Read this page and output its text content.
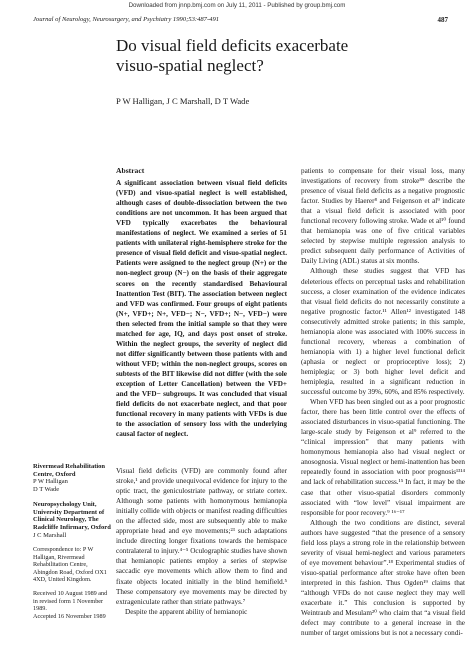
Downloaded from jnnp.bmj.com on July 11, 2011 - Published by group.bmj.com
Journal of Neurology, Neurosurgery, and Psychiatry 1990;53:487-491	487
Do visual field deficits exacerbate
visuo-spatial neglect?
P W Halligan, J C Marshall, D T Wade
Abstract

A significant association between visual field deficits (VFD) and visuo-spatial neglect is well established, although cases of double-dissociation between the two conditions are not uncommon. It has been argued that VFD typically exacerbates the behavioural manifestations of neglect. We examined a series of 51 patients with unilateral right-hemisphere stroke for the presence of visual field deficit and visuo-spatial neglect. Patients were assigned to the neglect group (N+) or the non-neglect group (N−) on the basis of their aggregate scores on the recently standardised Behavioural Inattention Test (BIT). The association between neglect and VFD was confirmed. Four groups of eight patients (N+, VFD+; N+, VFD−; N−, VFD+; N−, VFD−) were then selected from the initial sample so that they were matched for age, IQ, and days post onset of stroke. Within the neglect groups, the severity of neglect did not differ significantly between those patients with and without VFD; within the non-neglect groups, scores on subtests of the BIT likewise did not differ (with the sole exception of Letter Cancellation) between the VFD+ and the VFD− subgroups. It was concluded that visual field deficits do not exacerbate neglect, and that poor functional recovery in many patients with VFDs is due to the association of sensory loss with the underlying causal factor of neglect.

Visual field deficits (VFD) are commonly found after stroke,¹ and provide unequivocal evidence for injury to the optic tract, the geniculostriate pathway, or striate cortex. Although some patients with homonymous hemianopia initially collide with objects or manifest reading difficulties on the affected side, most are subsequently able to make appropriate head and eye movements;²³ such adaptations include directing longer fixations towards the hemispace contralateral to injury.⁴⁻⁵ Oculographic studies have shown that hemianopic patients employ a series of stepwise saccadic eye movements which allow them to find and fixate objects located initially in the blind hemifield.⁵ These compensatory eye movements may be directed by extrageniculate rather than striate pathways.⁷

Despite the apparent ability of hemianopic

patients to compensate for their visual loss, many investigations of recovery from stroke⁸⁹ describe the presence of visual field deficits as a negative prognostic factor. Studies by Haerer⁸ and Feigenson et al⁹ indicate that a visual field deficit is associated with poor functional recovery following stroke. Wade et al¹⁰ found that hemianopia was one of five critical variables selected by stepwise multiple regression analysis to predict subsequent daily performance of Activities of Daily Living (ADL) status at six months.

Although these studies suggest that VFD has deleterious effects on perceptual tasks and rehabilitation success, a closer examination of the evidence indicates that visual field deficits do not necessarily constitute a negative prognostic factor.¹¹ Allen¹² investigated 148 consecutively admitted stroke patients; in this sample, hemianopia alone was associated with 100% success in functional recovery, whereas a combination of hemianopia with 1) a higher level functional deficit (aphasia or neglect or proprioceptive loss); 2) hemiplegia; or 3) both higher level deficit and hemiplegia, resulted in a significant reduction in successful outcome by 39%, 60%, and 85% respectively.

When VFD has been singled out as a poor prognostic factor, there has been little control over the effects of associated disturbances in visuo-spatial functioning. The large-scale study by Feigenson et al⁹ referred to the “clinical impression” that many patients with homonymous hemianopia also had visual neglect or anosognosia. Visual neglect or hemi-inattention has been repeatedly found in association with poor prognosis¹³¹⁴ and lack of rehabilitation success.¹⁵ In fact, it may be the case that other visuo-spatial disorders commonly associated with “low level” visual impairment are responsible for poor recovery.⁹ ¹⁶⁻¹⁷

Although the two conditions are distinct, several authors have suggested “that the presence of a sensory field loss plays a strong role in the relationship between severity of visual hemi-neglect and various parameters of eye movement behaviour”.¹⁸ Experimental studies of visuo-spatial performance after stroke have often been interpreted in this fashion. Thus Ogden¹⁹ claims that “although VFDs do not cause neglect they may well exacerbate it.” This conclusion is supported by Weintraub and Mesulam²⁰ who claim that “a visual field defect may contribute to a general increase in the number of target omissions but is not a necessary condi-

Rivermead Rehabilitation Centre, Oxford
P W Halligan
D T Wade
Neuropsychology Unit, University Department of Clinical Neurology, The Radcliffe Infirmary, Oxford
J C Marshall
Correspondence to: P W Halligan, Rivermead Rehabilitation Centre, Abingdon Road, Oxford OX1 4XD, United Kingdom.
Received 10 August 1989 and in revised form 1 November 1989.
Accepted 16 November 1989
